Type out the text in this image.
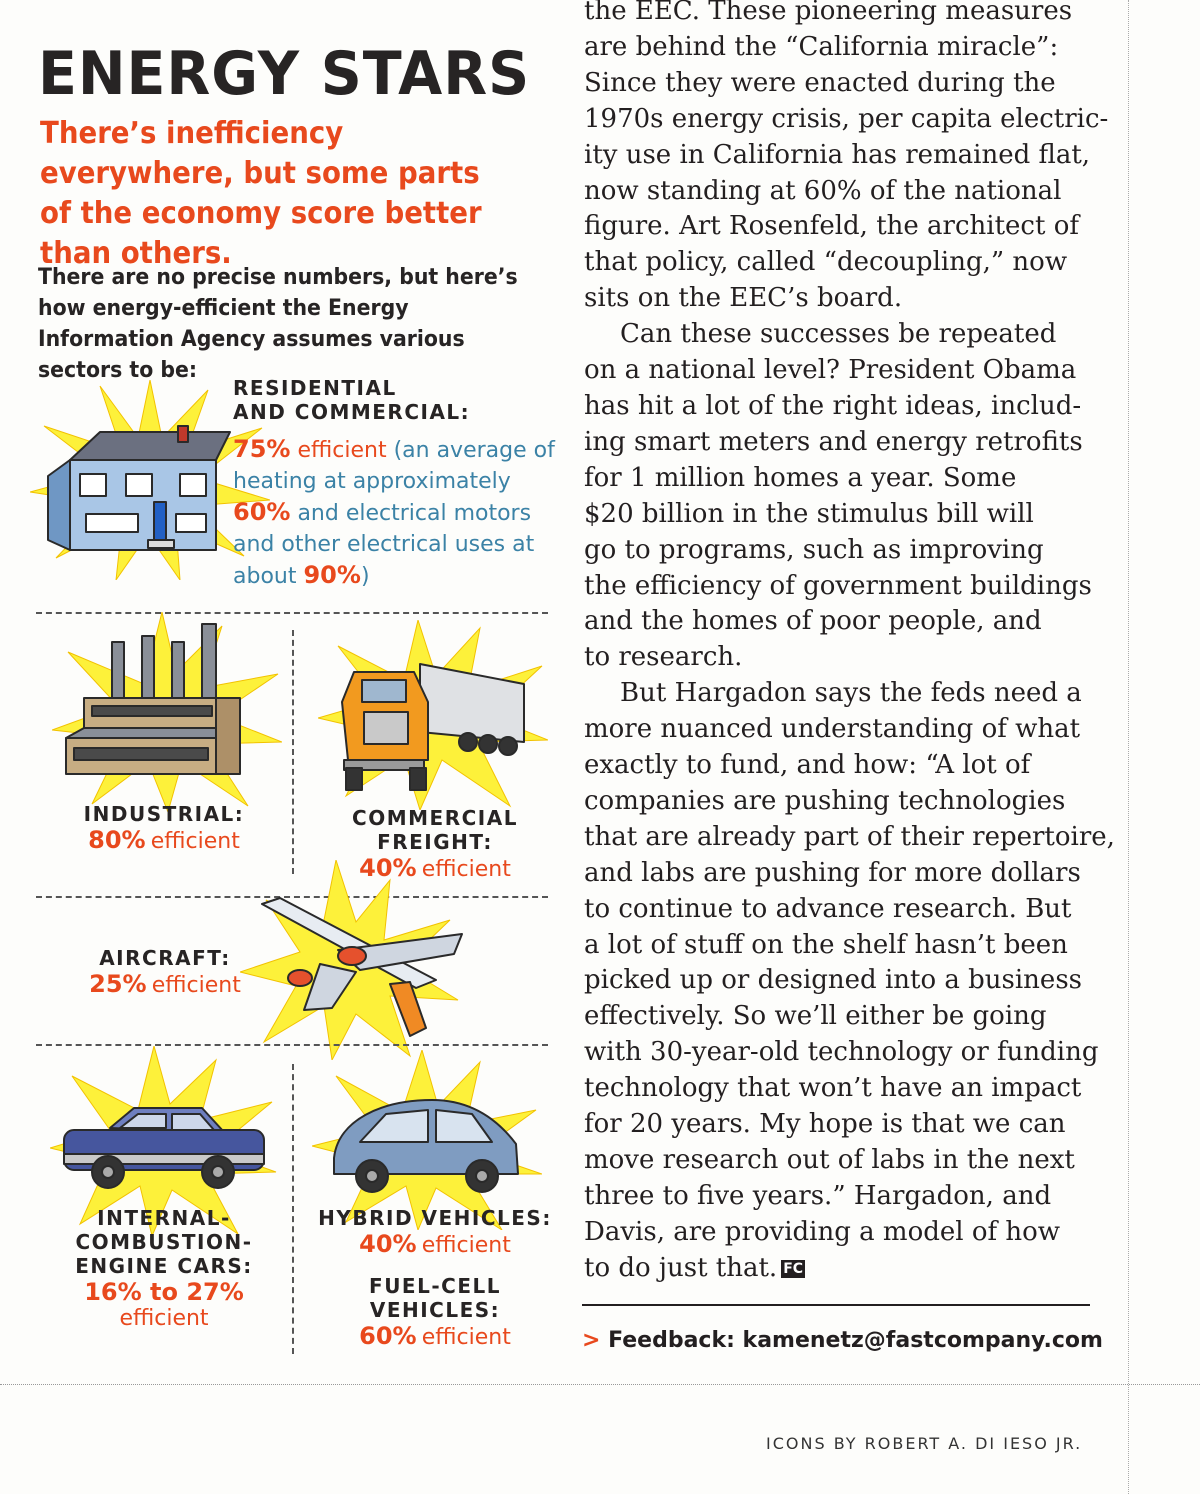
ENERGY STARS

There’s inefficiency everywhere, but some parts of the economy score better than others.

There are no precise numbers, but here’s how energy-efficient the Energy Information Agency assumes various sectors to be:

RESIDENTIAL
AND COMMERCIAL:
75% efficient (an average of heating at approximately 60% and electrical motors and other electrical uses at about 90%)
INDUSTRIAL:
80% efficient
COMMERCIAL
FREIGHT:
40% efficient
AIRCRAFT:
25% efficient
INTERNAL-
COMBUSTION-
ENGINE CARS:
16% to 27%
efficient
HYBRID VEHICLES:
40% efficient
FUEL-CELL
VEHICLES:
60% efficient

the EEC. These pioneering measures

are behind the “California miracle”:

Since they were enacted during the

1970s energy crisis, per capita electric-

ity use in California has remained flat,

now standing at 60% of the national

figure. Art Rosenfeld, the architect of

that policy, called “decoupling,” now

sits on the EEC’s board.

Can these successes be repeated

on a national level? President Obama

has hit a lot of the right ideas, includ-

ing smart meters and energy retrofits

for 1 million homes a year. Some

$20 billion in the stimulus bill will

go to programs, such as improving

the efficiency of government buildings

and the homes of poor people, and

to research.

But Hargadon says the feds need a

more nuanced understanding of what

exactly to fund, and how: “A lot of

companies are pushing technologies

that are already part of their repertoire,

and labs are pushing for more dollars

to continue to advance research. But

a lot of stuff on the shelf hasn’t been

picked up or designed into a business

effectively. So we’ll either be going

with 30-year-old technology or funding

technology that won’t have an impact

for 20 years. My hope is that we can

move research out of labs in the next

three to five years.” Hargadon, and

Davis, are providing a model of how

to do just that. FC

> Feedback: kamenetz@fastcompany.com
ICONS BY ROBERT A. DI IESO JR.
